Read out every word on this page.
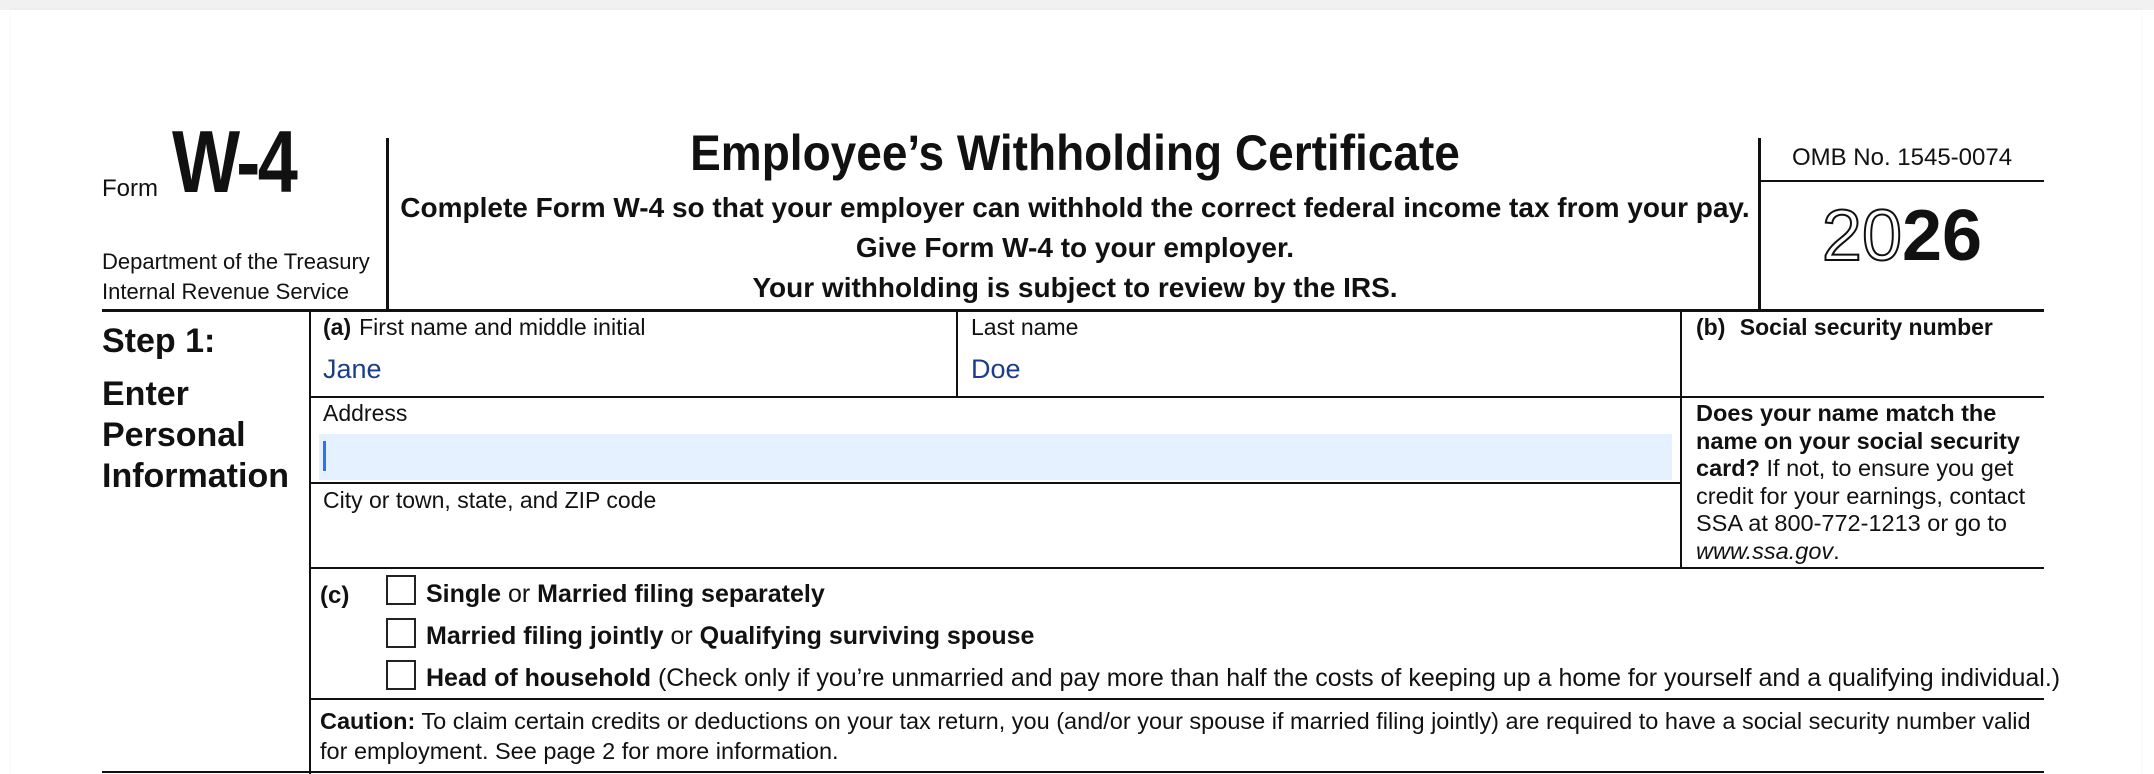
Form W-4
Department of the Treasury
Internal Revenue Service
Employee’s Withholding Certificate
Complete Form W-4 so that your employer can withhold the correct federal income tax from your pay.
Give Form W-4 to your employer.
Your withholding is subject to review by the IRS.
OMB No. 1545-0074
2026
Step 1:
Enter
Personal
Information
(a) First name and middle initial
Jane
Last name
Doe
(b) Social security number
Address
City or town, state, and ZIP code
Does your name match the name on your social security card? If not, to ensure you get credit for your earnings, contact SSA at 800-772-1213 or go to www.ssa.gov.
(c)	Single or Married filing separately
Married filing jointly or Qualifying surviving spouse
Head of household (Check only if you’re unmarried and pay more than half the costs of keeping up a home for yourself and a qualifying individual.)
Caution: To claim certain credits or deductions on your tax return, you (and/or your spouse if married filing jointly) are required to have a social security number valid for employment. See page 2 for more information.
